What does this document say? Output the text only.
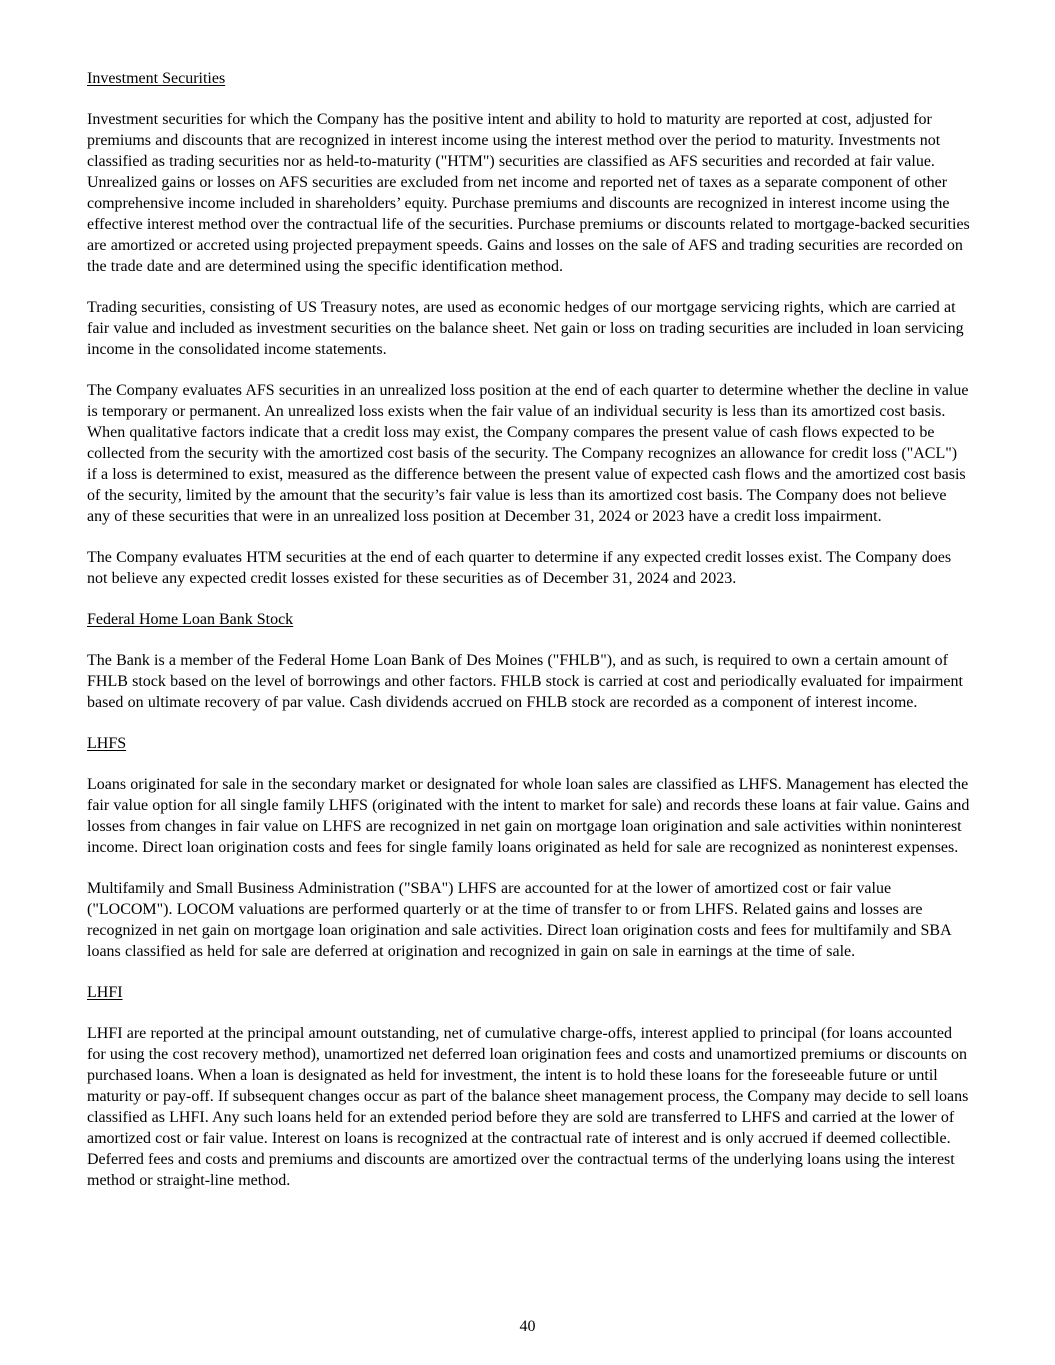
Investment Securities

Investment securities for which the Company has the positive intent and ability to hold to maturity are reported at cost, adjusted for premiums and discounts that are recognized in interest income using the interest method over the period to maturity. Investments not classified as trading securities nor as held-to-maturity ("HTM") securities are classified as AFS securities and recorded at fair value. Unrealized gains or losses on AFS securities are excluded from net income and reported net of taxes as a separate component of other comprehensive income included in shareholders’ equity. Purchase premiums and discounts are recognized in interest income using the effective interest method over the contractual life of the securities. Purchase premiums or discounts related to mortgage-backed securities are amortized or accreted using projected prepayment speeds. Gains and losses on the sale of AFS and trading securities are recorded on the trade date and are determined using the specific identification method.

Trading securities, consisting of US Treasury notes, are used as economic hedges of our mortgage servicing rights, which are carried at fair value and included as investment securities on the balance sheet. Net gain or loss on trading securities are included in loan servicing income in the consolidated income statements.

The Company evaluates AFS securities in an unrealized loss position at the end of each quarter to determine whether the decline in value is temporary or permanent. An unrealized loss exists when the fair value of an individual security is less than its amortized cost basis. When qualitative factors indicate that a credit loss may exist, the Company compares the present value of cash flows expected to be collected from the security with the amortized cost basis of the security. The Company recognizes an allowance for credit loss ("ACL") if a loss is determined to exist, measured as the difference between the present value of expected cash flows and the amortized cost basis of the security, limited by the amount that the security’s fair value is less than its amortized cost basis. The Company does not believe any of these securities that were in an unrealized loss position at December 31, 2024 or 2023 have a credit loss impairment.

The Company evaluates HTM securities at the end of each quarter to determine if any expected credit losses exist. The Company does not believe any expected credit losses existed for these securities as of December 31, 2024 and 2023.

Federal Home Loan Bank Stock

The Bank is a member of the Federal Home Loan Bank of Des Moines ("FHLB"), and as such, is required to own a certain amount of FHLB stock based on the level of borrowings and other factors. FHLB stock is carried at cost and periodically evaluated for impairment based on ultimate recovery of par value. Cash dividends accrued on FHLB stock are recorded as a component of interest income.

LHFS

Loans originated for sale in the secondary market or designated for whole loan sales are classified as LHFS. Management has elected the fair value option for all single family LHFS (originated with the intent to market for sale) and records these loans at fair value. Gains and losses from changes in fair value on LHFS are recognized in net gain on mortgage loan origination and sale activities within noninterest income. Direct loan origination costs and fees for single family loans originated as held for sale are recognized as noninterest expenses.

Multifamily and Small Business Administration ("SBA") LHFS are accounted for at the lower of amortized cost or fair value ("LOCOM"). LOCOM valuations are performed quarterly or at the time of transfer to or from LHFS. Related gains and losses are recognized in net gain on mortgage loan origination and sale activities. Direct loan origination costs and fees for multifamily and SBA loans classified as held for sale are deferred at origination and recognized in gain on sale in earnings at the time of sale.

LHFI

LHFI are reported at the principal amount outstanding, net of cumulative charge-offs, interest applied to principal (for loans accounted for using the cost recovery method), unamortized net deferred loan origination fees and costs and unamortized premiums or discounts on purchased loans. When a loan is designated as held for investment, the intent is to hold these loans for the foreseeable future or until maturity or pay-off. If subsequent changes occur as part of the balance sheet management process, the Company may decide to sell loans classified as LHFI. Any such loans held for an extended period before they are sold are transferred to LHFS and carried at the lower of amortized cost or fair value. Interest on loans is recognized at the contractual rate of interest and is only accrued if deemed collectible. Deferred fees and costs and premiums and discounts are amortized over the contractual terms of the underlying loans using the interest method or straight-line method.

40
